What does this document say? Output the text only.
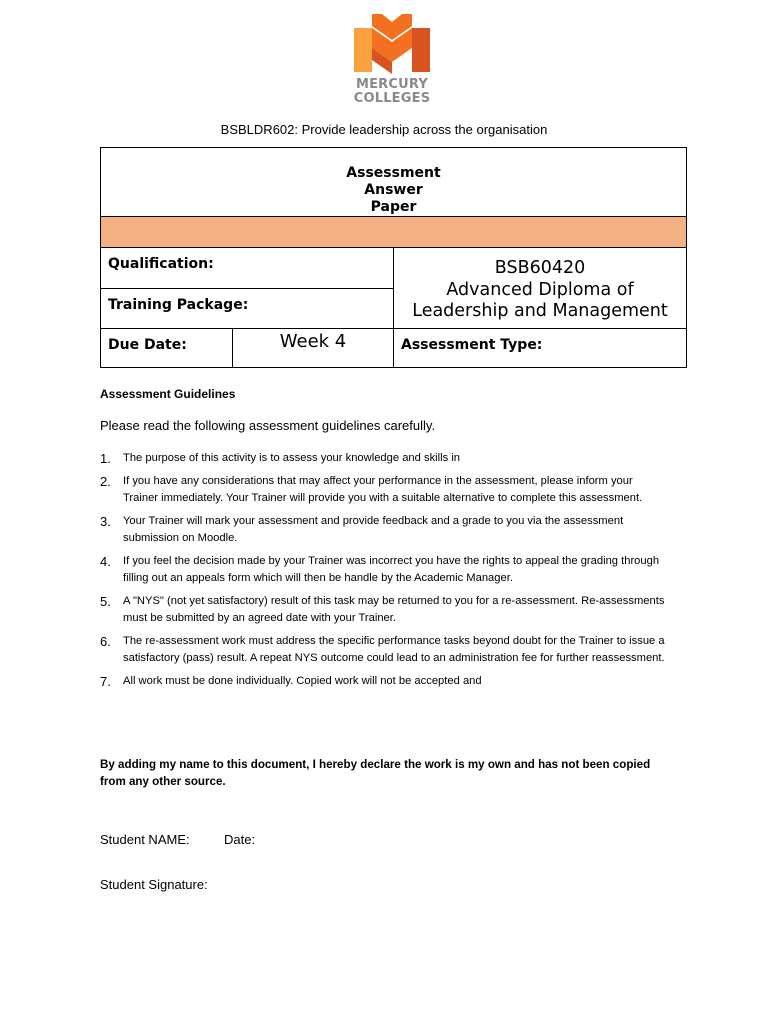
MERCURY
COLLEGES
BSBLDR602: Provide leadership across the organisation
Assessment
Answer
Paper		

Qualification:		BSB60420
Advanced Diploma of
Leadership and Management

Training Package:		
Due Date:	Week 4	Assessment Type:
Assessment Guidelines
Please read the following assessment guidelines carefully.
1. The purpose of this activity is to assess your knowledge and skills in
2. If you have any considerations that may affect your performance in the assessment, please inform your Trainer immediately. Your Trainer will provide you with a suitable alternative to complete this assessment.
3. Your Trainer will mark your assessment and provide feedback and a grade to you via the assessment submission on Moodle.
4. If you feel the decision made by your Trainer was incorrect you have the rights to appeal the grading through filling out an appeals form which will then be handle by the Academic Manager.
5. A "NYS" (not yet satisfactory) result of this task may be returned to you for a re-assessment. Re-assessments must be submitted by an agreed date with your Trainer.
6. The re-assessment work must address the specific performance tasks beyond doubt for the Trainer to issue a satisfactory (pass) result. A repeat NYS outcome could lead to an administration fee for further reassessment.
7. All work must be done individually. Copied work will not be accepted and
By adding my name to this document, I hereby declare the work is my own and has not been copied from any other source.
Student NAME:	Date:
Student Signature:
